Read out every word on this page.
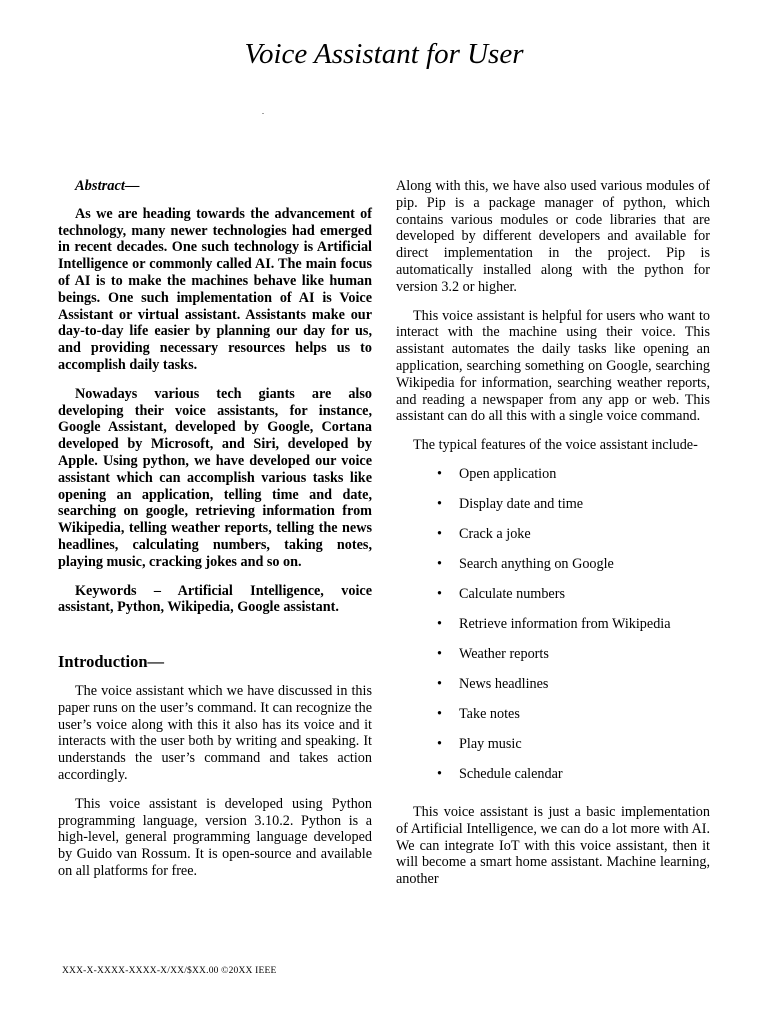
Voice Assistant for User
.
Abstract—

As we are heading towards the advancement of technology, many newer technologies had emerged in recent decades. One such technology is Artificial Intelligence or commonly called AI. The main focus of AI is to make the machines behave like human beings. One such implementation of AI is Voice Assistant or virtual assistant. Assistants make our day-to-day life easier by planning our day for us, and providing necessary resources helps us to accomplish daily tasks.

Nowadays various tech giants are also developing their voice assistants, for instance, Google Assistant, developed by Google, Cortana developed by Microsoft, and Siri, developed by Apple. Using python, we have developed our voice assistant which can accomplish various tasks like opening an application, telling time and date, searching on google, retrieving information from Wikipedia, telling weather reports, telling the news headlines, calculating numbers, taking notes, playing music, cracking jokes and so on.

Keywords – Artificial Intelligence, voice assistant, Python, Wikipedia, Google assistant.

Introduction—

The voice assistant which we have discussed in this paper runs on the user’s command. It can recognize the user’s voice along with this it also has its voice and it interacts with the user both by writing and speaking. It understands the user’s command and takes action accordingly.

This voice assistant is developed using Python programming language, version 3.10.2. Python is a high-level, general programming language developed by Guido van Rossum. It is open-source and available on all platforms for free.

Along with this, we have also used various modules of pip. Pip is a package manager of python, which contains various modules or code libraries that are developed by different developers and available for direct implementation in the project. Pip is automatically installed along with the python for version 3.2 or higher.

This voice assistant is helpful for users who want to interact with the machine using their voice. This assistant automates the daily tasks like opening an application, searching something on Google, searching Wikipedia for information, searching weather reports, and reading a newspaper from any app or web. This assistant can do all this with a single voice command.

The typical features of the voice assistant include-

• Open application
• Display date and time
• Crack a joke
• Search anything on Google
• Calculate numbers
• Retrieve information from Wikipedia
• Weather reports
• News headlines
• Take notes
• Play music
• Schedule calendar

This voice assistant is just a basic implementation of Artificial Intelligence, we can do a lot more with AI. We can integrate IoT with this voice assistant, then it will become a smart home assistant. Machine learning, another

XXX-X-XXXX-XXXX-X/XX/$XX.00 ©20XX IEEE
